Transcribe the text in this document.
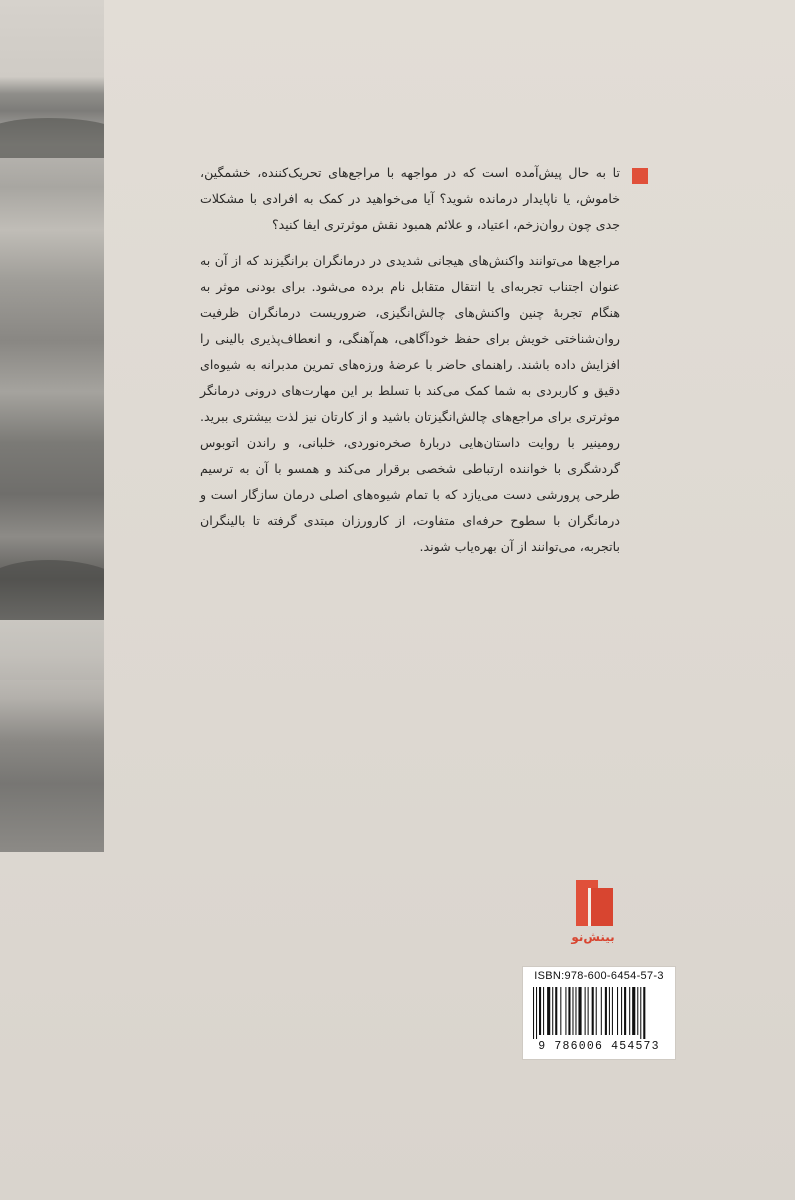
تا به حال پیش‌آمده است که در مواجهه با مراجع‌های تحریک‌کننده، خشمگین، خاموش، یا ناپایدار درمانده شوید؟ آیا می‌خواهید در کمک به افرادی با مشکلات جدی چون روان‌زخم، اعتیاد، و علائم همبود نقش موثرتری ایفا کنید؟

مراجع‌ها می‌توانند واکنش‌های هیجانی شدیدی در درمانگران برانگیزند که از آن به عنوان اجتناب تجربه‌ای یا انتقال متقابل نام برده می‌شود. برای بودنی موثر به هنگام تجربهٔ چنین واکنش‌های چالش‌انگیزی، ضروریست درمانگران ظرفیت روان‌شناختی خویش برای حفظ خودآگاهی، هم‌آهنگی، و انعطاف‌پذیری بالینی را افزایش داده باشند. راهنمای حاضر با عرضهٔ ورزه‌های تمرین مدبرانه به شیوه‌ای دقیق و کاربردی به شما کمک می‌کند با تسلط بر این مهارت‌های درونی درمانگر موثرتری برای مراجع‌های چالش‌انگیزتان باشید و از کارتان نیز لذت بیشتری ببرید. رومینیر با روایت داستان‌هایی دربارهٔ صخره‌نوردی، خلبانی، و راندن اتوبوس گردشگری با خواننده ارتباطی شخصی برقرار می‌کند و همسو با آن به ترسیم طرحی پرورشی دست می‌یازد که با تمام شیوه‌های اصلی درمان سازگار است و درمانگران با سطوح حرفه‌ای متفاوت، از کارورزان مبتدی گرفته تا بالینگران باتجربه، می‌توانند از آن بهره‌یاب شوند.

بینش‌نو
ISBN:978-600-6454-57-3
9 786006 454573
